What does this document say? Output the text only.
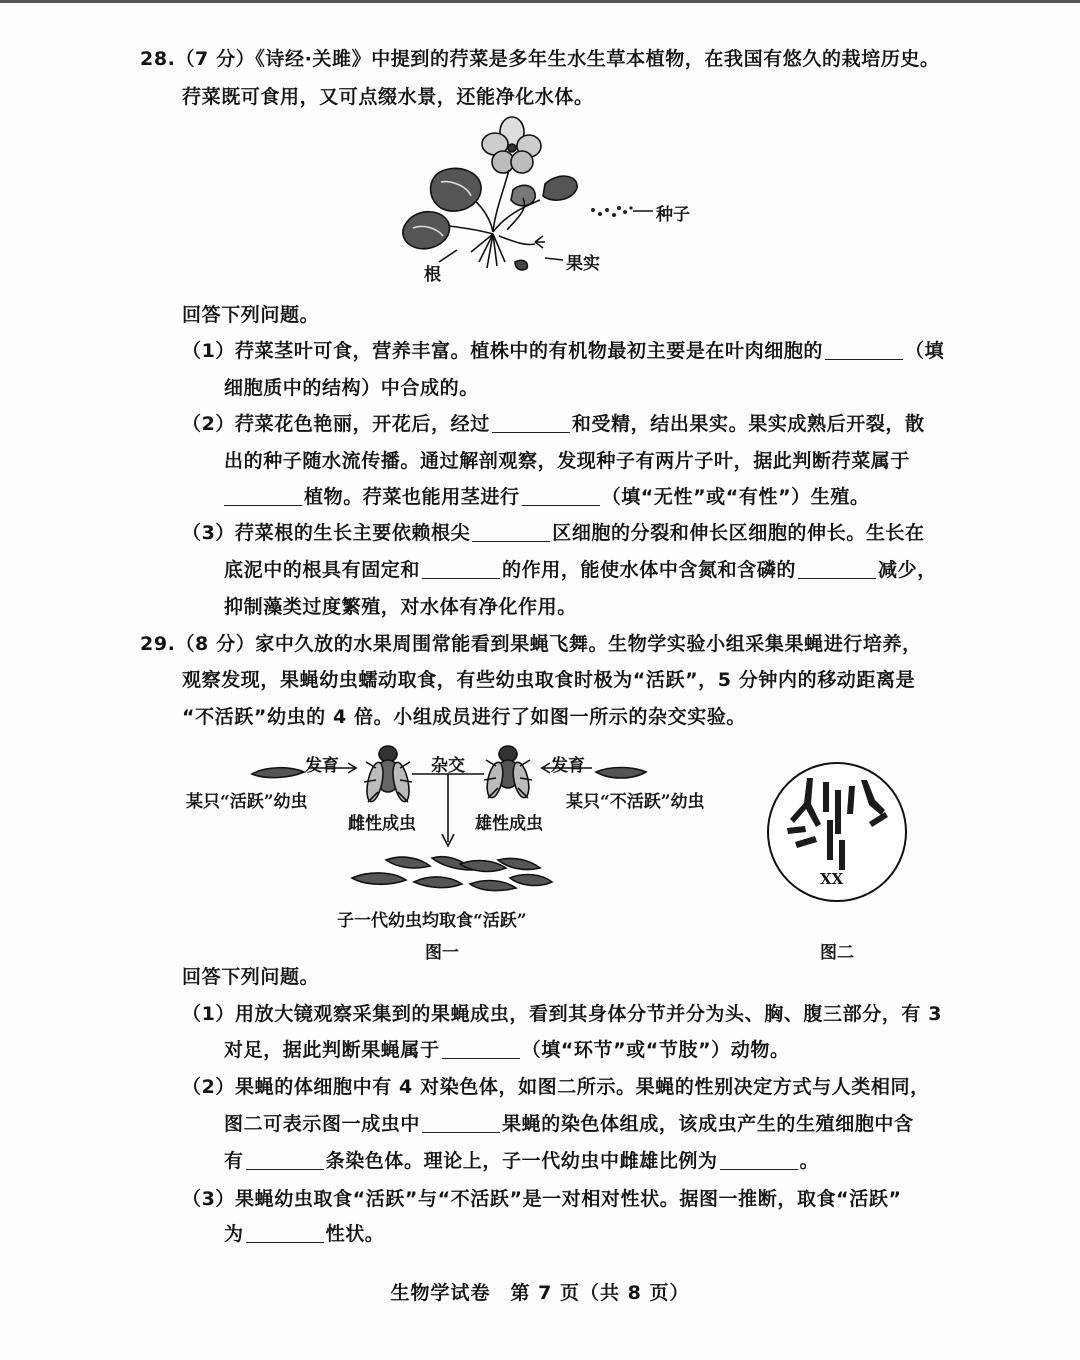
28.（7 分）《诗经·关雎》中提到的荇菜是多年生水生草本植物，在我国有悠久的栽培历史。
荇菜既可食用，又可点缀水景，还能净化水体。
种子
根
果实
回答下列问题。
（1）荇菜茎叶可食，营养丰富。植株中的有机物最初主要是在叶肉细胞的	（填
细胞质中的结构）中合成的。
（2）荇菜花色艳丽，开花后，经过	和受精，结出果实。果实成熟后开裂，散
出的种子随水流传播。通过解剖观察，发现种子有两片子叶，据此判断荇菜属于
植物。荇菜也能用茎进行	（填“无性”或“有性”）生殖。
（3）荇菜根的生长主要依赖根尖	区细胞的分裂和伸长区细胞的伸长。生长在
底泥中的根具有固定和	的作用，能使水体中含氮和含磷的	减少，
抑制藻类过度繁殖，对水体有净化作用。
29.（8 分）家中久放的水果周围常能看到果蝇飞舞。生物学实验小组采集果蝇进行培养，
观察发现，果蝇幼虫蠕动取食，有些幼虫取食时极为“活跃”，5 分钟内的移动距离是
“不活跃”幼虫的 4 倍。小组成员进行了如图一所示的杂交实验。
发育	杂交	发育
某只“活跃”幼虫
雌性成虫	雄性成虫
某只“不活跃”幼虫
子一代幼虫均取食“活跃”
图一
XX
图二
回答下列问题。
（1）用放大镜观察采集到的果蝇成虫，看到其身体分节并分为头、胸、腹三部分，有 3
对足，据此判断果蝇属于	（填“环节”或“节肢”）动物。
（2）果蝇的体细胞中有 4 对染色体，如图二所示。果蝇的性别决定方式与人类相同，
图二可表示图一成虫中	果蝇的染色体组成，该成虫产生的生殖细胞中含
有	条染色体。理论上，子一代幼虫中雌雄比例为	。
（3）果蝇幼虫取食“活跃”与“不活跃”是一对相对性状。据图一推断，取食“活跃”
为	性状。
生物学试卷　第 7 页（共 8 页）
